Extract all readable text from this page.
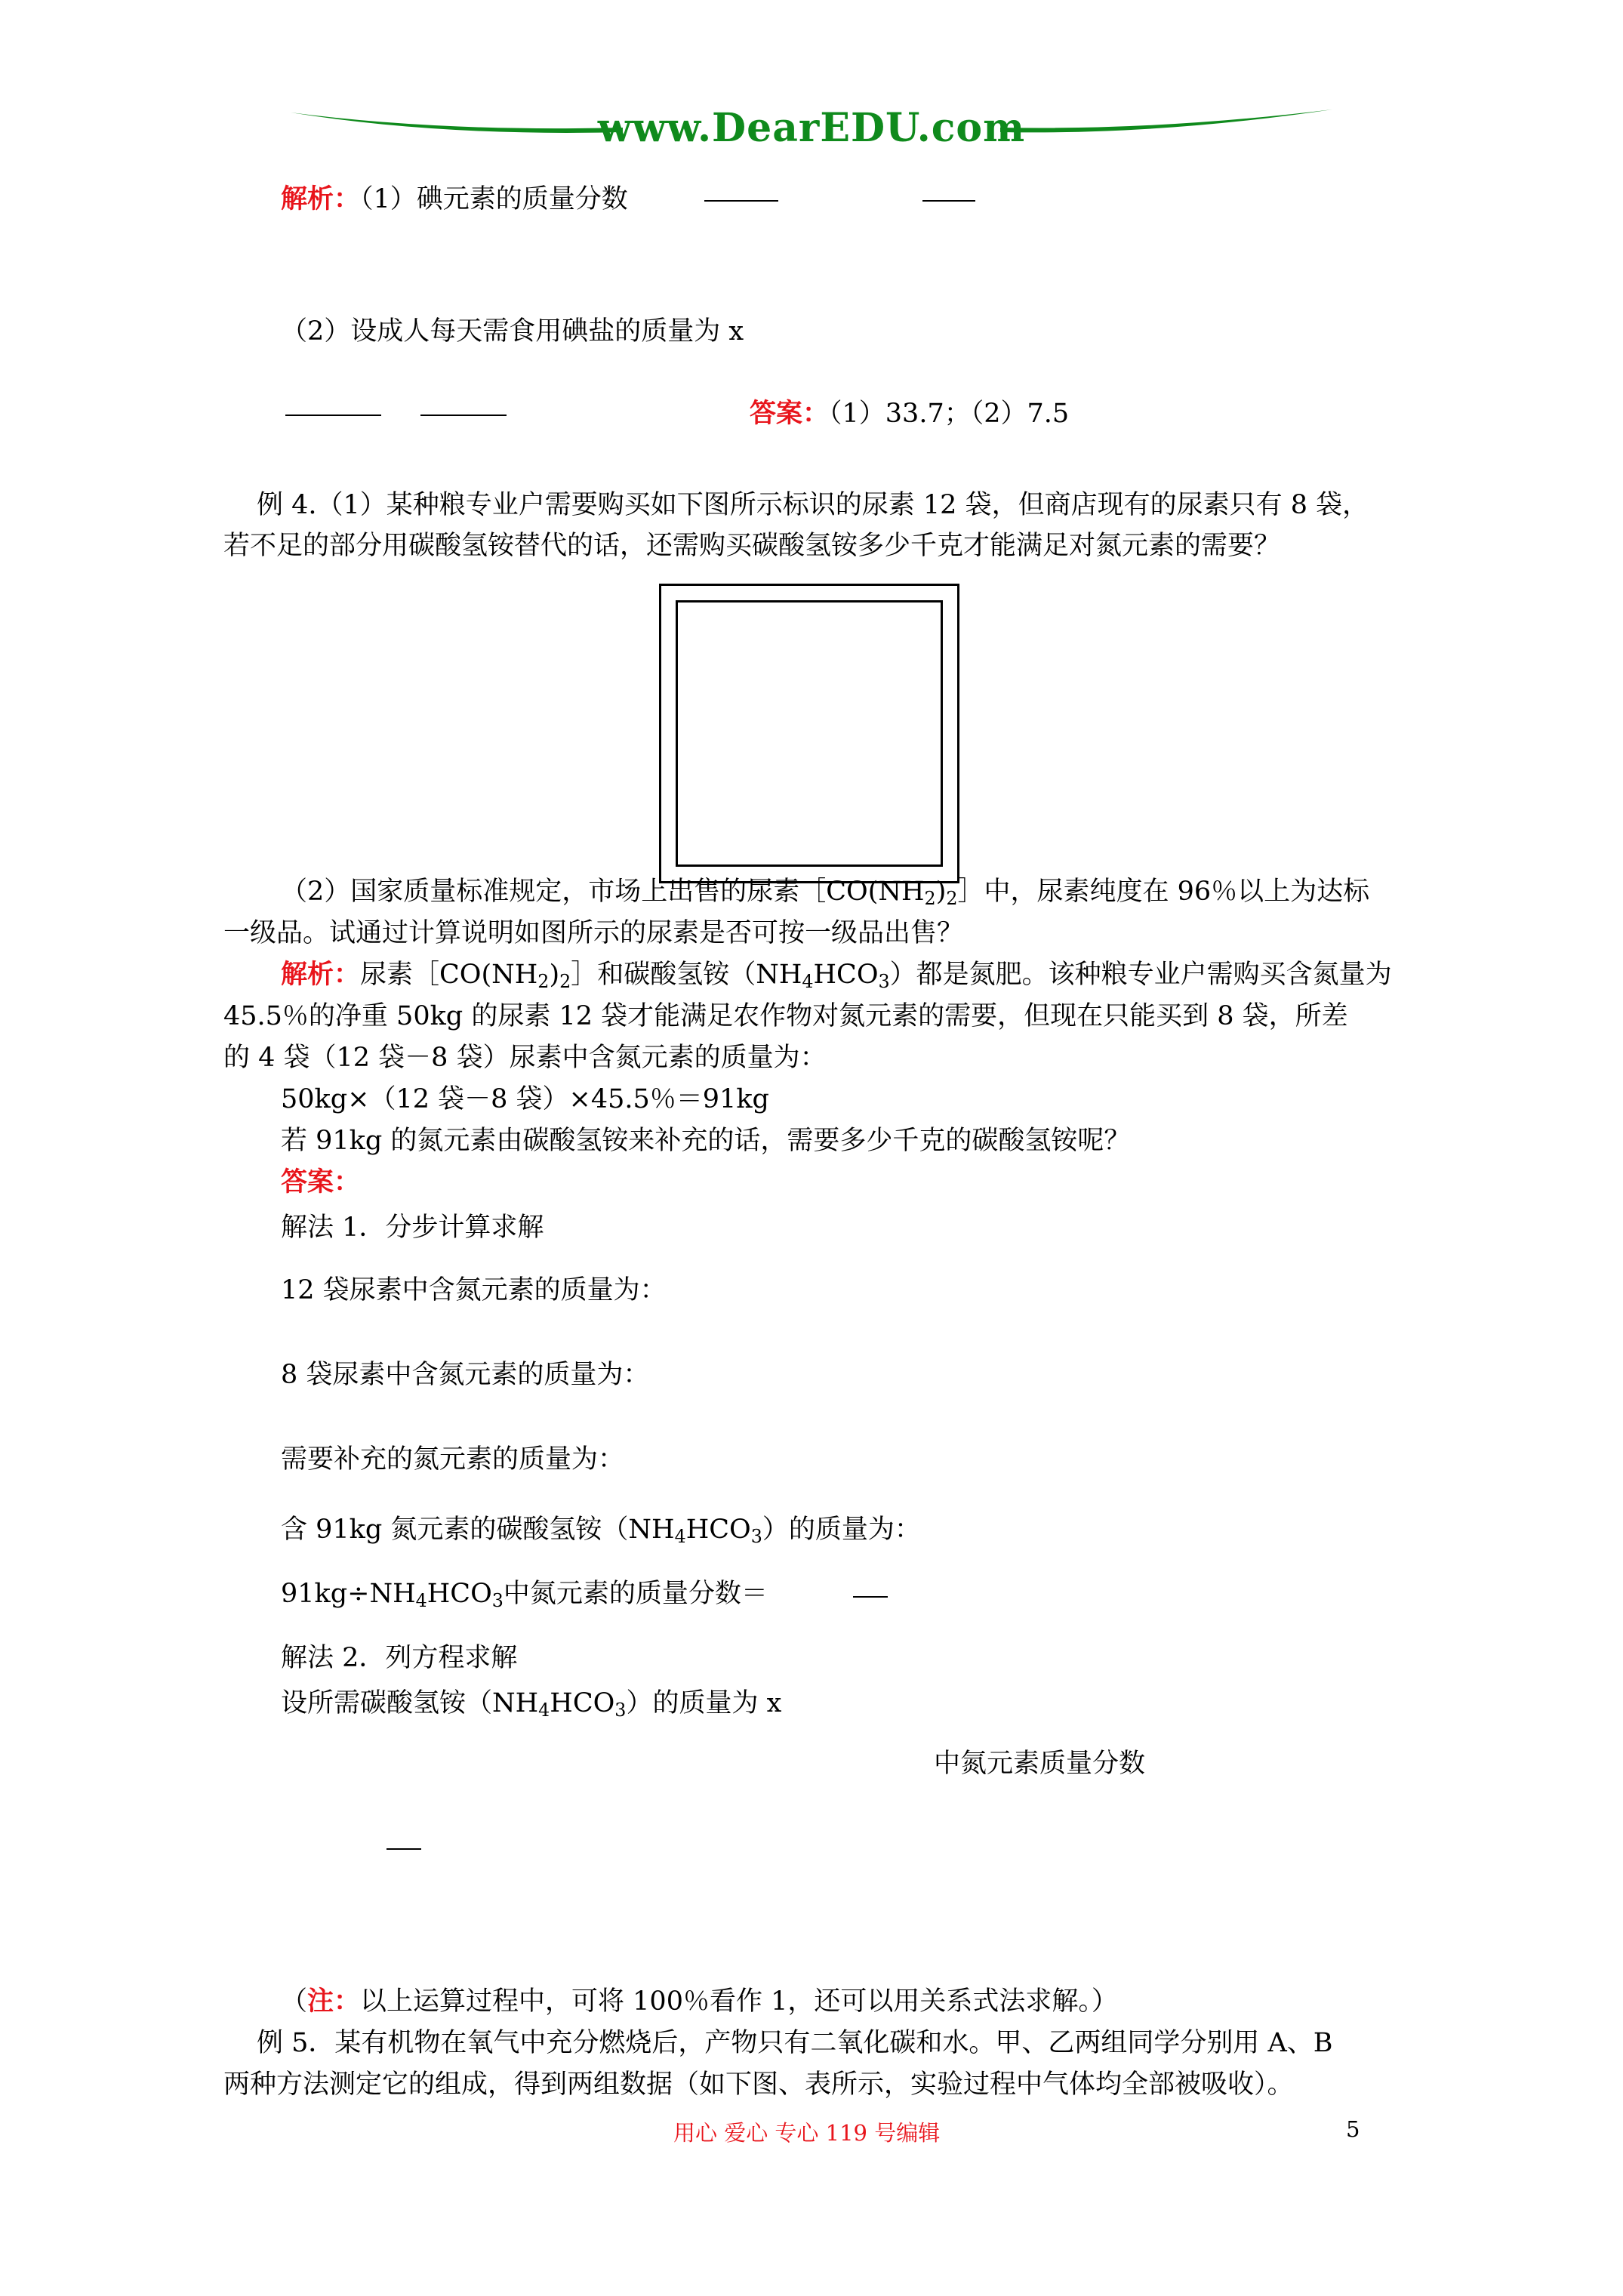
www.DearEDU.com
解析：（1）碘元素的质量分数
（2）设成人每天需食用碘盐的质量为 x
答案：（1）33.7；（2）7.5
例 4.（1）某种粮专业户需要购买如下图所示标识的尿素 12 袋，但商店现有的尿素只有 8 袋，
若不足的部分用碳酸氢铵替代的话，还需购买碳酸氢铵多少千克才能满足对氮元素的需要？
（2）国家质量标准规定，市场上出售的尿素$[CO(NH_2)_2]$中，尿素纯度在 96％以上为达标
一级品。试通过计算说明如图所示的尿素是否可按一级品出售？
解析：尿素$[CO(NH_2)_2]$和碳酸氢铵$(NH_4HCO_3)$都是氮肥。该种粮专业户需购买含氮量为
45.5％的净重 50kg 的尿素 12 袋才能满足农作物对氮元素的需要，但现在只能买到 8 袋，所差
的 4 袋（12 袋－8 袋）尿素中含氮元素的质量为：
50kg×（12 袋－8 袋）×45.5％＝91kg
若 91kg 的氮元素由碳酸氢铵来补充的话，需要多少千克的碳酸氢铵呢？
答案：
解法 1．分步计算求解
12 袋尿素中含氮元素的质量为：
8 袋尿素中含氮元素的质量为：
需要补充的氮元素的质量为：
含 91kg 氮元素的碳酸氢铵$(NH_4HCO_3)$的质量为：
$91kg\div NH_4HCO_3$中氮元素的质量分数＝
解法 2．列方程求解
设所需碳酸氢铵$(NH_4HCO_3)$的质量为 x
中氮元素质量分数
（注：以上运算过程中，可将 100％看作 1，还可以用关系式法求解。）
例 5．某有机物在氧气中充分燃烧后，产物只有二氧化碳和水。甲、乙两组同学分别用 A、B
两种方法测定它的组成，得到两组数据（如下图、表所示，实验过程中气体均全部被吸收）。
用心 爱心 专心 119 号编辑	5
